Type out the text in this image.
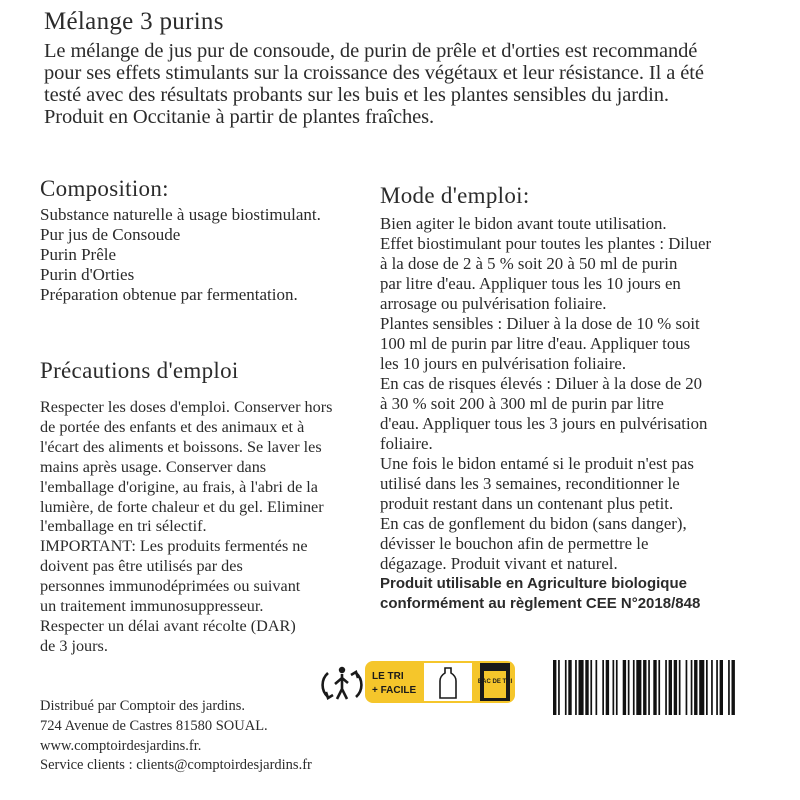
Mélange 3 purins

Le mélange de jus pur de consoude, de purin de prêle et d'orties est recommandé

pour ses effets stimulants sur la croissance des végétaux et leur résistance. Il a été

testé avec des résultats probants sur les buis et les plantes sensibles du jardin.

Produit en Occitanie à partir de plantes fraîches.

Composition:

Substance naturelle à usage biostimulant.

Pur jus de Consoude

Purin Prêle

Purin d'Orties

Préparation obtenue par fermentation.

Précautions d'emploi

Respecter les doses d'emploi. Conserver hors

de portée des enfants et des animaux et à

l'écart des aliments et boissons. Se laver les

mains après usage. Conserver dans

l'emballage d'origine, au frais, à l'abri de la

lumière, de forte chaleur et du gel. Eliminer

l'emballage en tri sélectif.

IMPORTANT: Les produits fermentés ne

doivent pas être utilisés par des

personnes immunodéprimées ou suivant

un traitement immunosuppresseur.

Respecter un délai avant récolte (DAR)

de 3 jours.

Mode d'emploi:

Bien agiter le bidon avant toute utilisation.

Effet biostimulant pour toutes les plantes : Diluer

à la dose de 2 à 5 % soit 20 à 50 ml de purin

par litre d'eau. Appliquer tous les 10 jours en

arrosage ou pulvérisation foliaire.

Plantes sensibles : Diluer à la dose de 10 % soit

100 ml de purin par litre d'eau. Appliquer tous

les 10 jours en pulvérisation foliaire.

En cas de risques élevés : Diluer à la dose de 20

à 30 % soit 200 à 300 ml de purin par litre

d'eau. Appliquer tous les 3 jours en pulvérisation

foliaire.

Une fois le bidon entamé si le produit n'est pas

utilisé dans les 3 semaines, reconditionner le

produit restant dans un contenant plus petit.

En cas de gonflement du bidon (sans danger),

dévisser le bouchon afin de permettre le

dégazage. Produit vivant et naturel.

Produit utilisable en Agriculture biologique

conformément au règlement CEE N°2018/848

LE TRI
+ FACILE
BAC DE TRI
Distribué par Comptoir des jardins.
724 Avenue de Castres 81580 SOUAL.
www.comptoirdesjardins.fr.
Service clients : clients@comptoirdesjardins.fr
